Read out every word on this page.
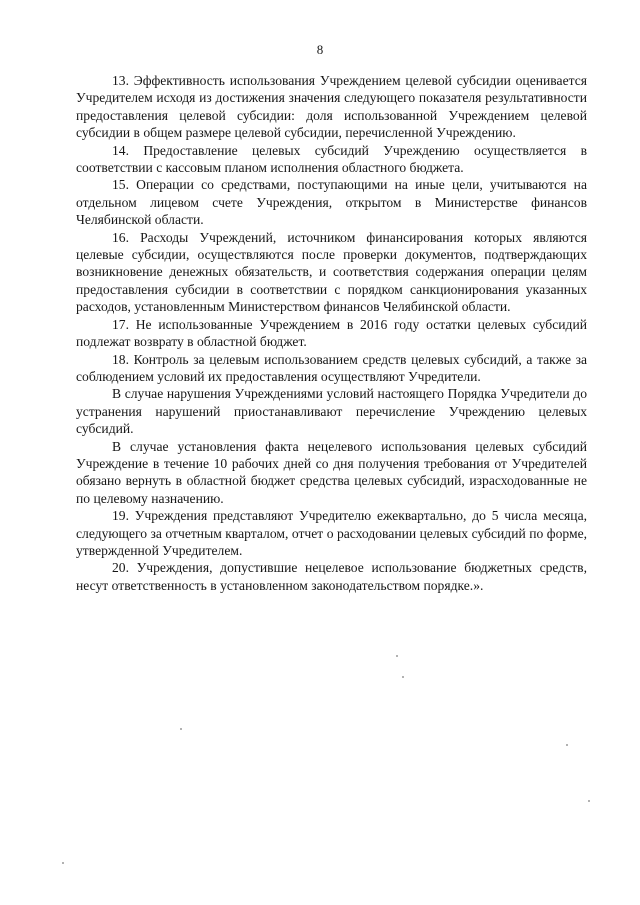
8

13. Эффективность использования Учреждением целевой субсидии оценивается Учредителем исходя из достижения значения следующего показателя результативности предоставления целевой субсидии: доля использованной Учреждением целевой субсидии в общем размере целевой субсидии, перечисленной Учреждению.

14. Предоставление целевых субсидий Учреждению осуществляется в соответствии с кассовым планом исполнения областного бюджета.

15. Операции со средствами, поступающими на иные цели, учитываются на отдельном лицевом счете Учреждения, открытом в Министерстве финансов Челябинской области.

16. Расходы Учреждений, источником финансирования которых являются целевые субсидии, осуществляются после проверки документов, подтверждающих возникновение денежных обязательств, и соответствия содержания операции целям предоставления субсидии в соответствии с порядком санкционирования указанных расходов, установленным Министерством финансов Челябинской области.

17. Не использованные Учреждением в 2016 году остатки целевых субсидий подлежат возврату в областной бюджет.

18. Контроль за целевым использованием средств целевых субсидий, а также за соблюдением условий их предоставления осуществляют Учредители.

В случае нарушения Учреждениями условий настоящего Порядка Учредители до устранения нарушений приостанавливают перечисление Учреждению целевых субсидий.

В случае установления факта нецелевого использования целевых субсидий Учреждение в течение 10 рабочих дней со дня получения требования от Учредителей обязано вернуть в областной бюджет средства целевых субсидий, израсходованные не по целевому назначению.

19. Учреждения представляют Учредителю ежеквартально, до 5 числа месяца, следующего за отчетным кварталом, отчет о расходовании целевых субсидий по форме, утвержденной Учредителем.

20. Учреждения, допустившие нецелевое использование бюджетных средств, несут ответственность в установленном законодательством порядке.».
